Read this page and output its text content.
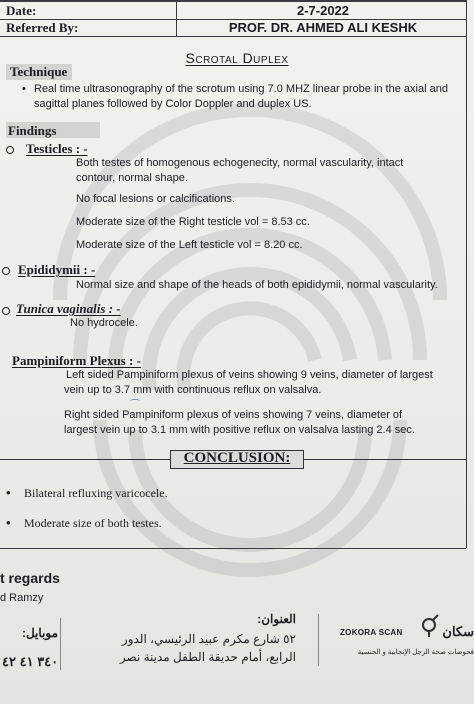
Date:	2-7-2022
Referred By:	PROF. DR. AHMED ALI KESHK
Scrotal Duplex
Technique
• Real time ultrasonography of the scrotum using 7.0 MHZ linear probe in the axial and
sagittal planes followed by Color Doppler and duplex US.
Findings
Testicles : -
Both testes of homogenous echogenecity, normal vascularity, intact
contour, normal shape.
No focal lesions or calcifications.
Moderate size of the Right testicle vol = 8.53 cc.
Moderate size of the Left testicle vol = 8.20 cc.
Epididymii : -
Normal size and shape of the heads of both epididymii, normal vascularity.
Tunica vaginalis : -
No hydrocele.
Pampiniform Plexus : -
Left sided Pampiniform plexus of veins showing 9 veins, diameter of largest
vein up to 3.7 mm with continuous reflux on valsalva.
⌒
Right sided Pampiniform plexus of veins showing 7 veins, diameter of
largest vein up to 3.1 mm with positive reflux on valsalva lasting 2.4 sec.
CONCLUSION:
• Bilateral refluxing varicocele.
• Moderate size of both testes.
t regards
d Ramzy
موبايل:
٣٤٠ ٤١ ٤٢
العنوان:
٥٢ شارع مكرم عبيد الرئيسي، الدور
الرابع، أمام حديقة الطفل مدينة نصر
ZOKORA SCAN	سكان
فحوصات صحة الرجل الإنجابية و الجنسية
